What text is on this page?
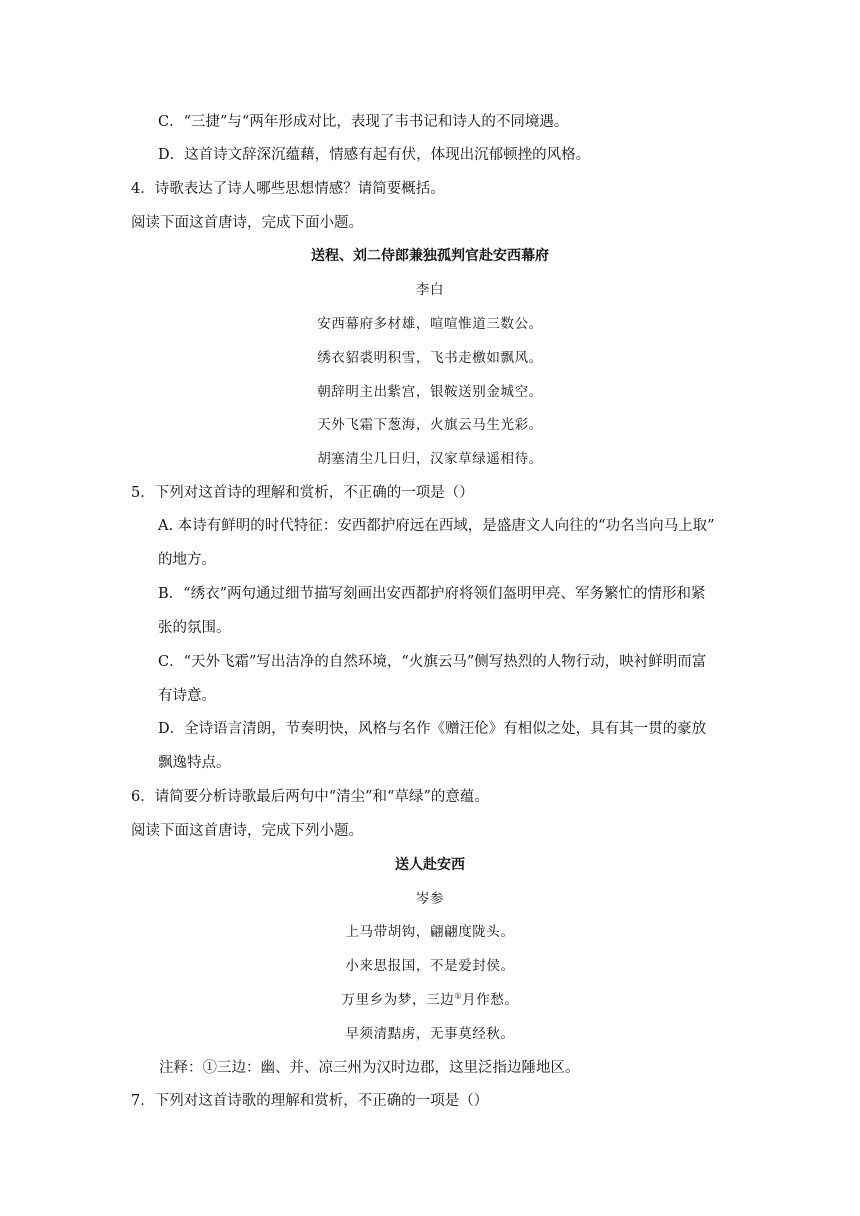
C．“三捷”与“两年形成对比，表现了韦书记和诗人的不同境遇。
D．这首诗文辞深沉蕴藉，情感有起有伏，体现出沉郁顿挫的风格。
4．诗歌表达了诗人哪些思想情感？请简要概括。
阅读下面这首唐诗，完成下面小题。
送程、刘二侍郎兼独孤判官赴安西幕府
李白
安西幕府多材雄，喧喧惟道三数公。
绣衣貂裘明积雪，飞书走檄如飘风。
朝辞明主出紫宫，银鞍送别金城空。
天外飞霜下葱海，火旗云马生光彩。
胡塞清尘几日归，汉家草绿遥相待。
5．下列对这首诗的理解和赏析，不正确的一项是（）
A. 本诗有鲜明的时代特征：安西都护府远在西域，是盛唐文人向往的“功名当向马上取”
的地方。
B．“绣衣”两句通过细节描写刻画出安西都护府将领们盔明甲亮、军务繁忙的情形和紧
张的氛围。
C．“天外飞霜”写出洁净的自然环境，“火旗云马”侧写热烈的人物行动，映衬鲜明而富
有诗意。
D．全诗语言清朗，节奏明快，风格与名作《赠汪伦》有相似之处，具有其一贯的豪放
飘逸特点。
6．请简要分析诗歌最后两句中“清尘”和“草绿”的意蕴。
阅读下面这首唐诗，完成下列小题。
送人赴安西
岑参
上马带胡钩，翩翩度陇头。
小来思报国，不是爱封侯。
万里乡为梦，三边①月作愁。
早须清黠虏，无事莫经秋。
注释：①三边：幽、并、凉三州为汉时边郡，这里泛指边陲地区。
7．下列对这首诗歌的理解和赏析，不正确的一项是（）
